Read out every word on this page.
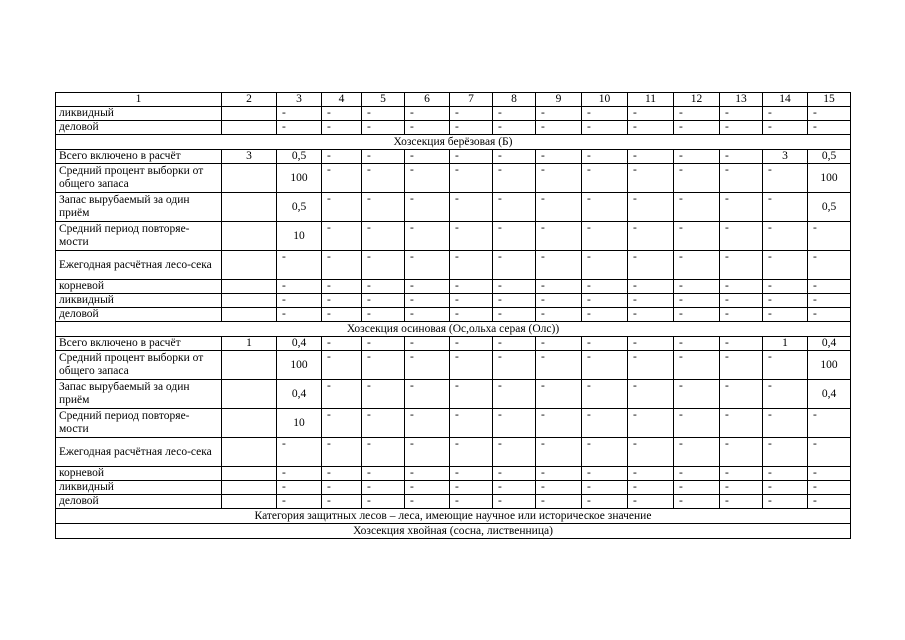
1	2	3	4	5	6	7	8	9	10	11	12	13	14	15
ликвидный		-	-	-	-	-	-	-	-	-	-	-	-	-
деловой		-	-	-	-	-	-	-	-	-	-	-	-	-
Хозсекция берёзовая (Б)														
Всего включено в расчёт	3	0,5	-	-	-	-	-	-	-	-	-	-	3	0,5
Средний процент выборки от общего запаса		100	-	-	-	-	-	-	-	-	-	-	-	100
Запас вырубаемый за один приём		0,5	-	-	-	-	-	-	-	-	-	-	-	0,5
Средний период повторяе-мости		10	-	-	-	-	-	-	-	-	-	-	-	-
Ежегодная расчётная лесо-сека		-	-	-	-	-	-	-	-	-	-	-	-	-
корневой		-	-	-	-	-	-	-	-	-	-	-	-	-
ликвидный		-	-	-	-	-	-	-	-	-	-	-	-	-
деловой		-	-	-	-	-	-	-	-	-	-	-	-	-
Хозсекция осиновая (Ос,ольха серая (Олс))														
Всего включено в расчёт	1	0,4	-	-	-	-	-	-	-	-	-	-	1	0,4
Средний процент выборки от общего запаса		100	-	-	-	-	-	-	-	-	-	-	-	100
Запас вырубаемый за один приём		0,4	-	-	-	-	-	-	-	-	-	-	-	0,4
Средний период повторяе-мости		10	-	-	-	-	-	-	-	-	-	-	-	-
Ежегодная расчётная лесо-сека		-	-	-	-	-	-	-	-	-	-	-	-	-
корневой		-	-	-	-	-	-	-	-	-	-	-	-	-
ликвидный		-	-	-	-	-	-	-	-	-	-	-	-	-
деловой		-	-	-	-	-	-	-	-	-	-	-	-	-
Категория защитных лесов – леса, имеющие научное или историческое значение														
Хозсекция хвойная (сосна, лиственница)														
